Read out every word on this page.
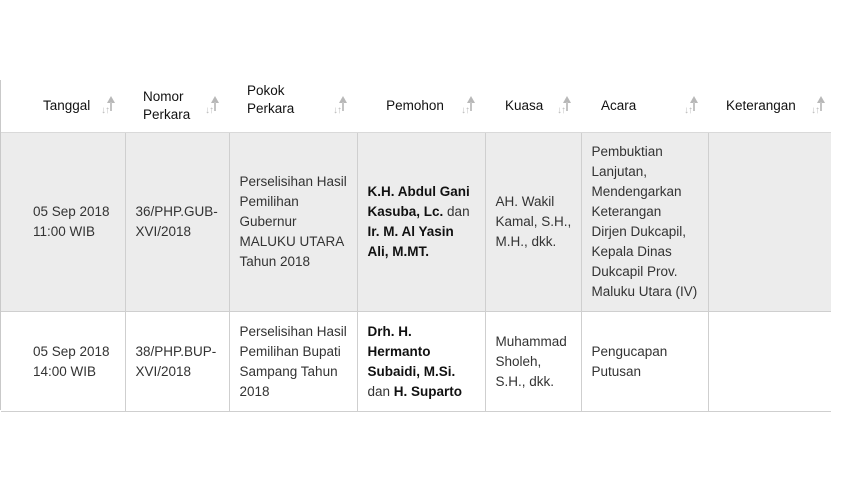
Tanggal ↓↑	Nomor Perkara ↓↑	Pokok Perkara ↓↑	Pemohon ↓↑	Kuasa ↓↑	Acara ↓↑	Keterangan ↓↑

05 Sep 2018 11:00 WIB	36/PHP.GUB-XVI/2018	Perselisihan Hasil Pemilihan Gubernur MALUKU UTARA Tahun 2018	K.H. Abdul Gani Kasuba, Lc. dan Ir. M. Al Yasin Ali, M.MT.	AH. Wakil Kamal, S.H., M.H., dkk.	Pembuktian Lanjutan, Mendengarkan Keterangan Dirjen Dukcapil, Kepala Dinas Dukcapil Prov. Maluku Utara (IV)	
05 Sep 2018 14:00 WIB	38/PHP.BUP-XVI/2018	Perselisihan Hasil Pemilihan Bupati Sampang Tahun 2018	Drh. H. Hermanto Subaidi, M.Si. dan H. Suparto	Muhammad Sholeh, S.H., dkk.	Pengucapan Putusan	
